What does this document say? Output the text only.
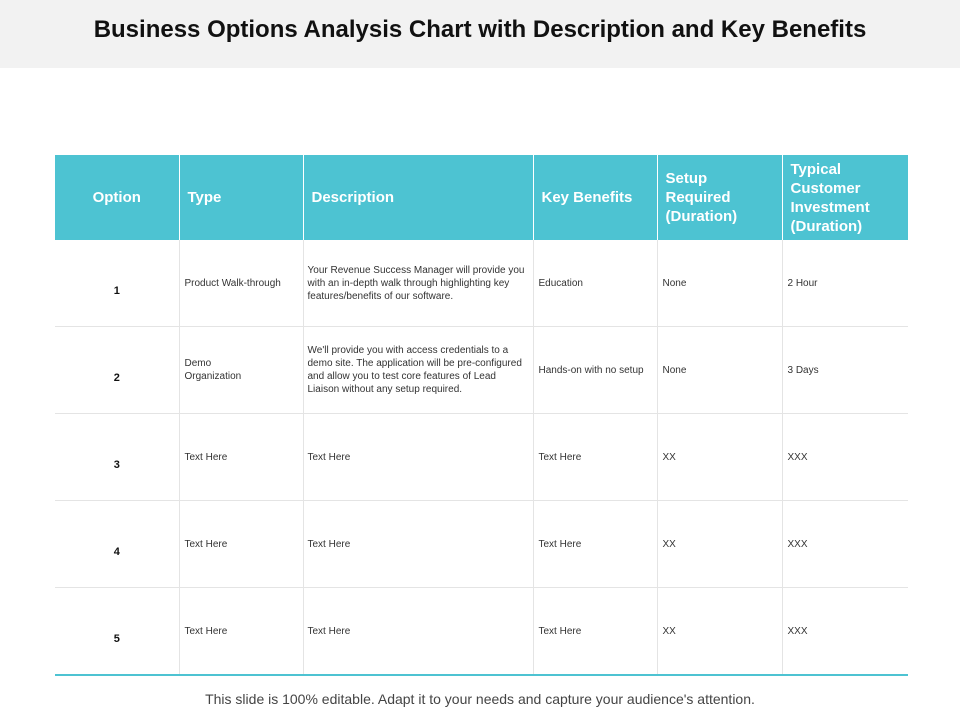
Business Options Analysis Chart with Description and Key Benefits
Option	Type	Description	Key Benefits	Setup Required (Duration)	Typical Customer Investment (Duration)
1	Product Walk-through	Your Revenue Success Manager will provide you with an in-depth walk through highlighting key features/benefits of our software.	Education	None	2 Hour
2	Demo Organization	We'll provide you with access credentials to a demo site. The application will be pre-configured and allow you to test core features of Lead Liaison without any setup required.	Hands-on with no setup	None	3 Days
3	Text Here	Text Here	Text Here	XX	XXX
4	Text Here	Text Here	Text Here	XX	XXX
5	Text Here	Text Here	Text Here	XX	XXX
This slide is 100% editable. Adapt it to your needs and capture your audience's attention.
